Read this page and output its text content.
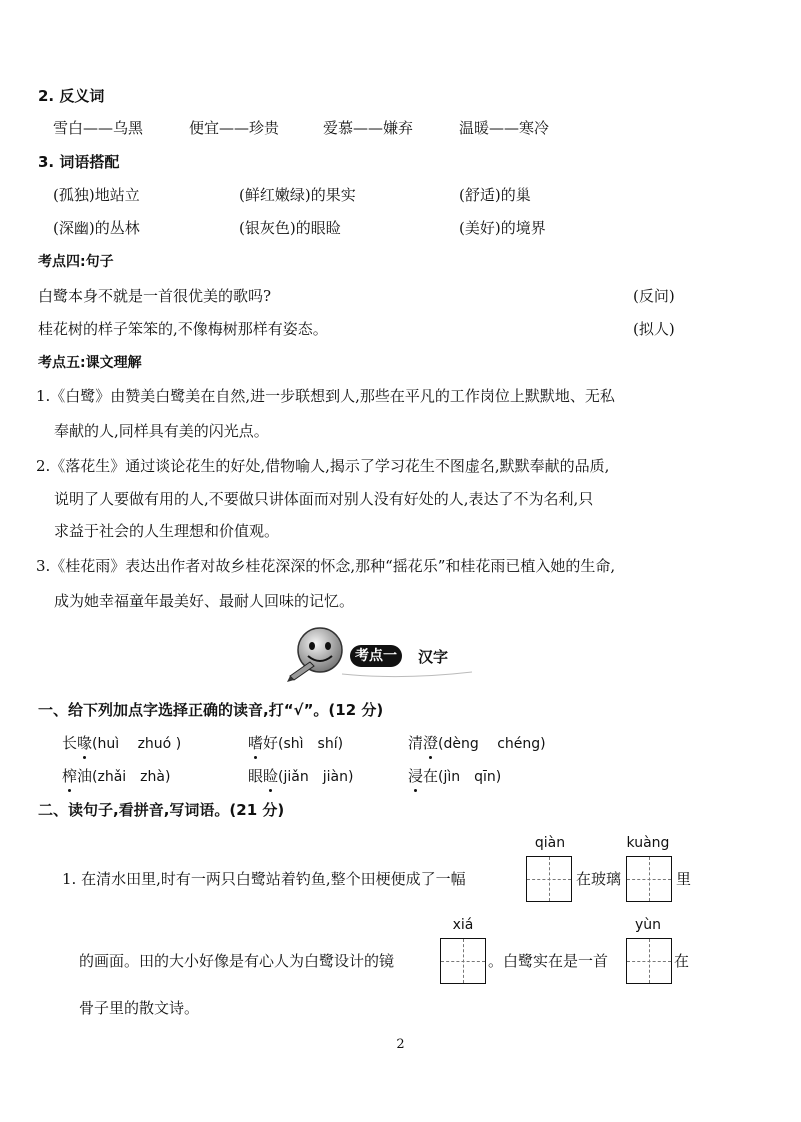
2. 反义词
雪白——乌黑	便宜——珍贵	爱慕——嫌弃	温暖——寒冷
3. 词语搭配
(孤独)地站立	(鲜红嫩绿)的果实	(舒适)的巢
(深幽)的丛林	(银灰色)的眼睑	(美好)的境界
考点四:句子
白鹭本身不就是一首很优美的歌吗?	(反问)
桂花树的样子笨笨的,不像梅树那样有姿态。	(拟人)
考点五:课文理解
1.《白鹭》由赞美白鹭美在自然,进一步联想到人,那些在平凡的工作岗位上默默地、无私
奉献的人,同样具有美的闪光点。
2.《落花生》通过谈论花生的好处,借物喻人,揭示了学习花生不图虚名,默默奉献的品质,
说明了人要做有用的人,不要做只讲体面而对别人没有好处的人,表达了不为名利,只
求益于社会的人生理想和价值观。
3.《桂花雨》表达出作者对故乡桂花深深的怀念,那种“摇花乐”和桂花雨已植入她的生命,
成为她幸福童年最美好、最耐人回味的记忆。
考点一	汉字
一、给下列加点字选择正确的读音,打“√”。(12 分)
长 喙 (huì　 zhuó )	嗜 好 (shì　shí)	清 澄 (dèng　 chéng)
榨 油 (zhǎi　zhà)	眼 睑 (jiǎn　jiàn)	浸 在 (jìn　qīn)
二、读句子,看拼音,写词语。(21 分)
qiàn	kuàng
1. 在清水田里,时有一两只白鹭站着钓鱼,整个田梗便成了一幅	在玻璃	里
xiá	yùn
的画面。田的大小好像是有心人为白鹭设计的镜	。白鹭实在是一首	在
骨子里的散文诗。
2
